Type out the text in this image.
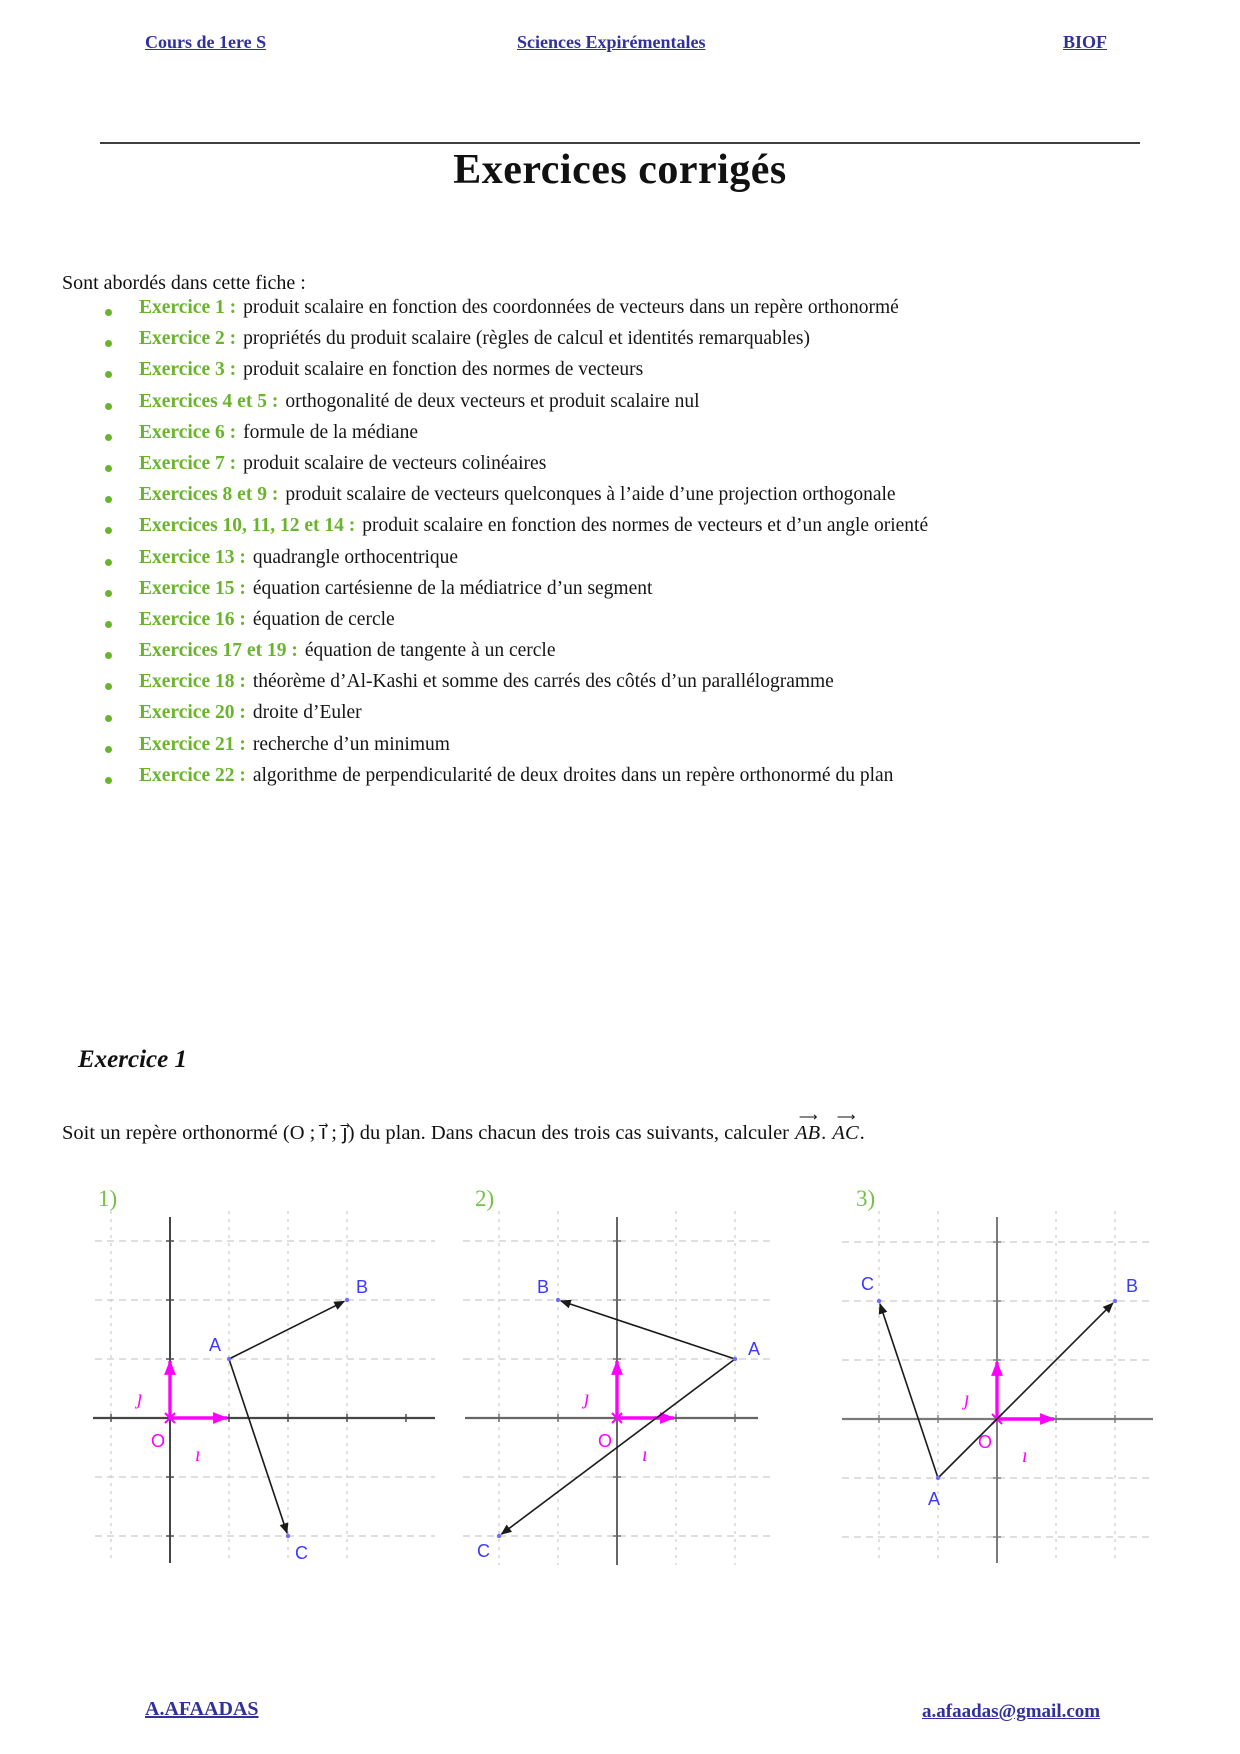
Cours de 1ere S	Sciences Expirémentales	BIOF
Exercices corrigés
Sont abordés dans cette fiche :
Exercice 1 : produit scalaire en fonction des coordonnées de vecteurs dans un repère orthonormé
Exercice 2 : propriétés du produit scalaire (règles de calcul et identités remarquables)
Exercice 3 : produit scalaire en fonction des normes de vecteurs
Exercices 4 et 5 : orthogonalité de deux vecteurs et produit scalaire nul
Exercice 6 : formule de la médiane
Exercice 7 : produit scalaire de vecteurs colinéaires
Exercices 8 et 9 : produit scalaire de vecteurs quelconques à l’aide d’une projection orthogonale
Exercices 10, 11, 12 et 14 : produit scalaire en fonction des normes de vecteurs et d’un angle orienté
Exercice 13 : quadrangle orthocentrique
Exercice 15 : équation cartésienne de la médiatrice d’un segment
Exercice 16 : équation de cercle
Exercices 17 et 19 : équation de tangente à un cercle
Exercice 18 : théorème d’Al-Kashi et somme des carrés des côtés d’un parallélogramme
Exercice 20 : droite d’Euler
Exercice 21 : recherche d’un minimum
Exercice 22 : algorithme de perpendicularité de deux droites dans un repère orthonormé du plan
Exercice 1
Soit un repère orthonormé (O ; ı⃗ ; ȷ⃗) du plan. Dans chacun des trois cas suivants, calculer ⟶ AB. ⟶ AC.
1)
O
ı⃗
ȷ⃗
A
B
C
2)
O
ı⃗
ȷ⃗
A
B
C
3)
O
ı⃗
ȷ⃗
A
B
C
A.AFAADAS	a.afaadas@gmail.com
